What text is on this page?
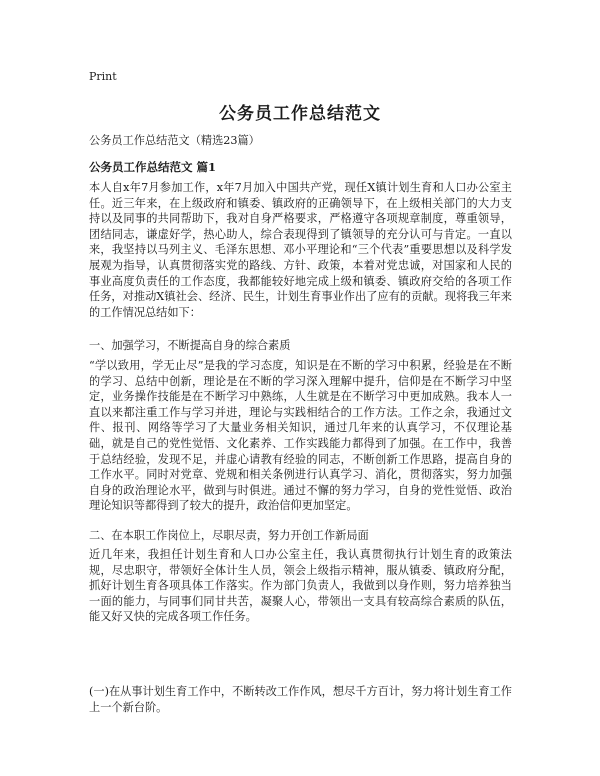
Print
公务员工作总结范文
公务员工作总结范文（精选23篇）
公务员工作总结范文 篇1
本人自x年7月参加工作，x年7月加入中国共产党，现任X镇计划生育和人口办公室主任。近三年来，在上级政府和镇委、镇政府的正确领导下，在上级相关部门的大力支持以及同事的共同帮助下，我对自身严格要求，严格遵守各项规章制度，尊重领导，团结同志，谦虚好学，热心助人，综合表现得到了镇领导的充分认可与肯定。一直以来，我坚持以马列主义、毛泽东思想、邓小平理论和“三个代表”重要思想以及科学发展观为指导，认真贯彻落实党的路线、方针、政策，本着对党忠诚，对国家和人民的事业高度负责任的工作态度，我都能较好地完成上级和镇委、镇政府交给的各项工作任务，对推动X镇社会、经济、民生，计划生育事业作出了应有的贡献。现将我三年来的工作情况总结如下：
一、加强学习，不断提高自身的综合素质
“学以致用，学无止尽”是我的学习态度，知识是在不断的学习中积累，经验是在不断的学习、总结中创新，理论是在不断的学习深入理解中提升，信仰是在不断学习中坚定，业务操作技能是在不断学习中熟练，人生就是在不断学习中更加成熟。我本人一直以来都注重工作与学习并进，理论与实践相结合的工作方法。工作之余，我通过文件、报刊、网络等学习了大量业务相关知识，通过几年来的认真学习，不仅理论基础，就是自己的党性觉悟、文化素养、工作实践能力都得到了加强。在工作中，我善于总结经验，发现不足，并虚心请教有经验的同志，不断创新工作思路，提高自身的工作水平。同时对党章、党规和相关条例进行认真学习、消化，贯彻落实，努力加强自身的政治理论水平，做到与时俱进。通过不懈的努力学习，自身的党性觉悟、政治理论知识等都得到了较大的提升，政治信仰更加坚定。
二、在本职工作岗位上，尽职尽责，努力开创工作新局面
近几年来，我担任计划生育和人口办公室主任，我认真贯彻执行计划生育的政策法规，尽忠职守，带领好全体计生人员，领会上级指示精神，服从镇委、镇政府分配，抓好计划生育各项具体工作落实。作为部门负责人，我做到以身作则，努力培养独当一面的能力，与同事们同甘共苦，凝聚人心，带领出一支具有较高综合素质的队伍，能又好又快的完成各项工作任务。
(一)在从事计划生育工作中，不断转改工作作风，想尽千方百计，努力将计划生育工作上一个新台阶。
